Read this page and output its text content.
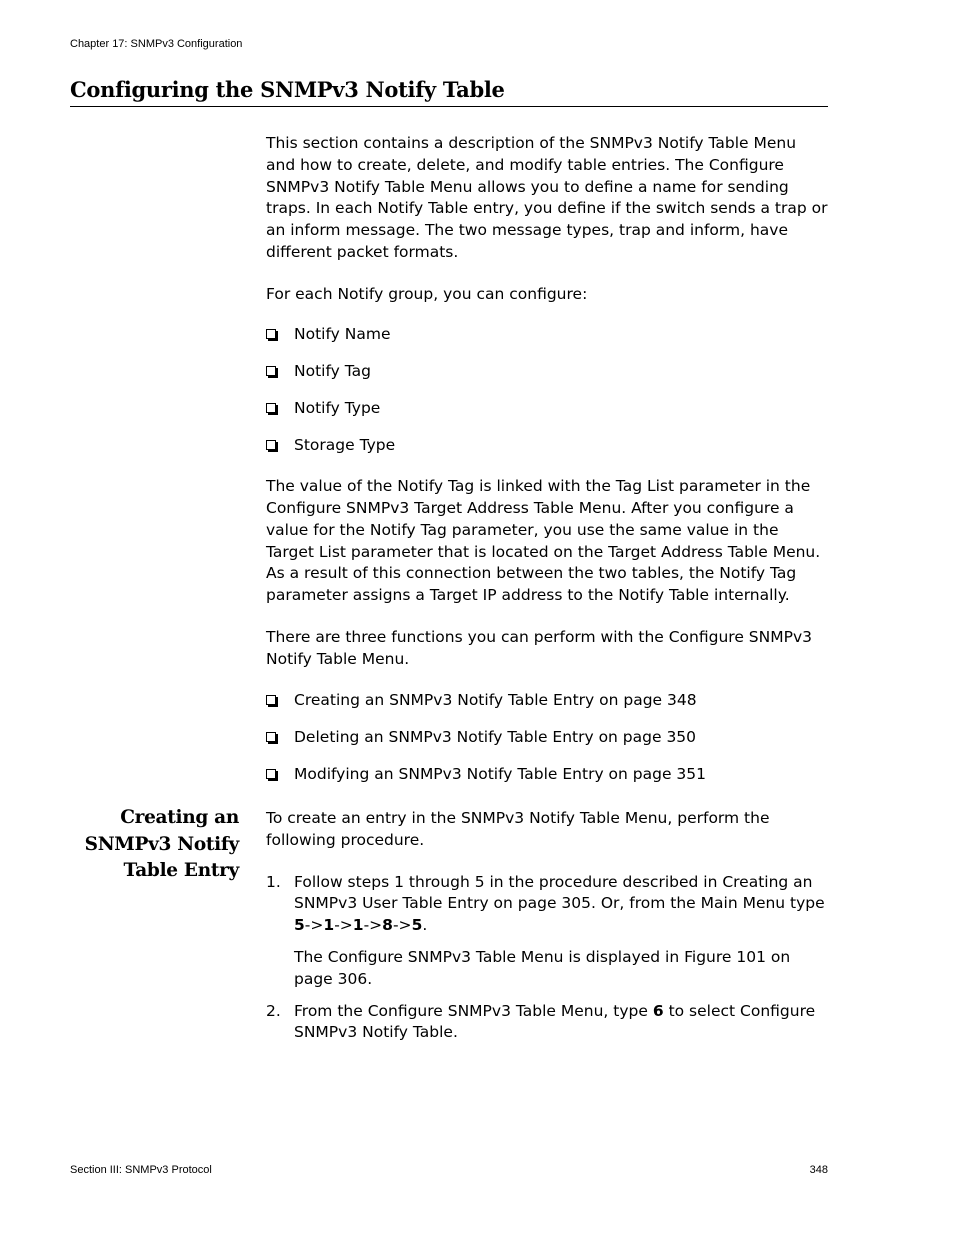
Chapter 17: SNMPv3 Configuration
Configuring the SNMPv3 Notify Table

This section contains a description of the SNMPv3 Notify Table Menu and how to create, delete, and modify table entries. The Configure SNMPv3 Notify Table Menu allows you to define a name for sending traps. In each Notify Table entry, you define if the switch sends a trap or an inform message. The two message types, trap and inform, have different packet formats.

For each Notify group, you can configure:

Notify Name
Notify Tag
Notify Type
Storage Type

The value of the Notify Tag is linked with the Tag List parameter in the Configure SNMPv3 Target Address Table Menu. After you configure a value for the Notify Tag parameter, you use the same value in the Target List parameter that is located on the Target Address Table Menu. As a result of this connection between the two tables, the Notify Tag parameter assigns a Target IP address to the Notify Table internally.

There are three functions you can perform with the Configure SNMPv3 Notify Table Menu.

Creating an SNMPv3 Notify Table Entry on page 348
Deleting an SNMPv3 Notify Table Entry on page 350
Modifying an SNMPv3 Notify Table Entry on page 351
Creating an
SNMPv3 Notify
Table Entry

To create an entry in the SNMPv3 Notify Table Menu, perform the following procedure.

1. Follow steps 1 through 5 in the procedure described in Creating an SNMPv3 User Table Entry on page 305. Or, from the Main Menu type 5->1->1->8->5.

The Configure SNMPv3 Table Menu is displayed in Figure 101 on page 306.

2. From the Configure SNMPv3 Table Menu, type 6 to select Configure SNMPv3 Notify Table.

Section III: SNMPv3 Protocol	348
